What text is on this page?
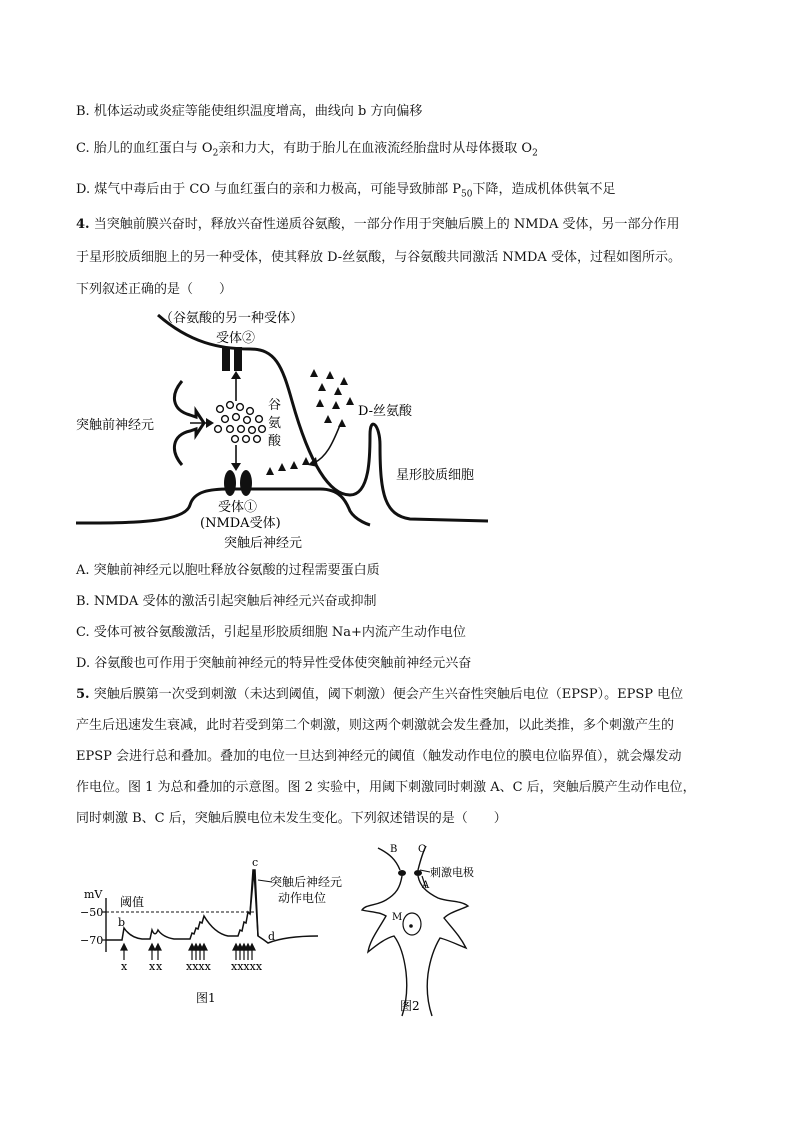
B. 机体运动或炎症等能使组织温度增高，曲线向 b 方向偏移
C. 胎儿的血红蛋白与 $O_2$亲和力大，有助于胎儿在血液流经胎盘时从母体摄取 $O_2$
D. 煤气中毒后由于 CO 与血红蛋白的亲和力极高，可能导致肺部 $P_{50}$下降，造成机体供氧不足
4. 当突触前膜兴奋时，释放兴奋性递质谷氨酸，一部分作用于突触后膜上的 NMDA 受体，另一部分作用
于星形胶质细胞上的另一种受体，使其释放 D-丝氨酸，与谷氨酸共同激活 NMDA 受体，过程如图所示。
下列叙述正确的是（　　）
（谷氨酸的另一种受体）
受体②
突触前神经元
谷
氨
酸
D-丝氨酸
星形胶质细胞
受体①
(NMDA受体)
突触后神经元
A. 突触前神经元以胞吐释放谷氨酸的过程需要蛋白质
B. NMDA 受体的激活引起突触后神经元兴奋或抑制
C. 受体可被谷氨酸激活，引起星形胶质细胞 Na+内流产生动作电位
D. 谷氨酸也可作用于突触前神经元的特异性受体使突触前神经元兴奋
5. 突触后膜第一次受到刺激（未达到阈值，阈下刺激）便会产生兴奋性突触后电位（EPSP）。EPSP 电位
产生后迅速发生衰减，此时若受到第二个刺激，则这两个刺激就会发生叠加，以此类推，多个刺激产生的
EPSP 会进行总和叠加。叠加的电位一旦达到神经元的阈值（触发动作电位的膜电位临界值），就会爆发动
作电位。图 1 为总和叠加的示意图。图 2 实验中，用阈下刺激同时刺激 A、C 后，突触后膜产生动作电位，
同时刺激 B、C 后，突触后膜电位未发生变化。下列叙述错误的是（　　）
mV
−50
−70
阈值
b
c
d
突触后神经元
动作电位
x x x xxxx xxxxx
图1
B C
A
刺激电极
M
图2
